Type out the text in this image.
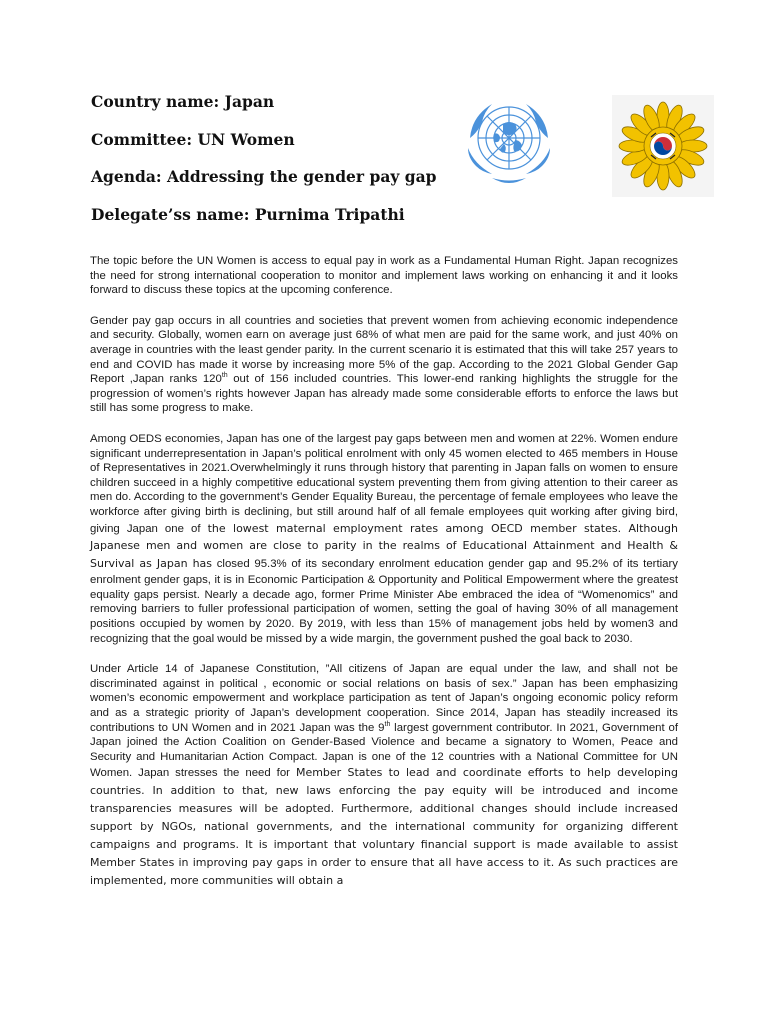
Country name: Japan
Committee: UN Women
Agenda: Addressing the gender pay gap
Delegate’ss name: Purnima Tripathi

The topic before the UN Women is access to equal pay in work as a Fundamental Human Right. Japan recognizes the need for strong international cooperation to monitor and implement laws working on enhancing it and it looks forward to discuss these topics at the upcoming conference.

Gender pay gap occurs in all countries and societies that prevent women from achieving economic independence and security. Globally, women earn on average just 68% of what men are paid for the same work, and just 40% on average in countries with the least gender parity. In the current scenario it is estimated that this will take 257 years to end and COVID has made it worse by increasing more 5% of the gap. According to the 2021 Global Gender Gap Report ,Japan ranks 120th out of 156 included countries. This lower-end ranking highlights the struggle for the progression of women’s rights however Japan has already made some considerable efforts to enforce the laws but still has some progress to make.

Among OEDS economies, Japan has one of the largest pay gaps between men and women at 22%. Women endure significant underrepresentation in Japan’s political enrolment with only 45 women elected to 465 members in House of Representatives in 2021.Overwhelmingly it runs through history that parenting in Japan falls on women to ensure children succeed in a highly competitive educational system preventing them from giving attention to their career as men do. According to the government’s Gender Equality Bureau, the percentage of female employees who leave the workforce after giving birth is declining, but still around half of all female employees quit working after giving bird, giving Japan one of the lowest maternal employment rates among OECD member states. Although Japanese men and women are close to parity in the realms of Educational Attainment and Health & Survival as Japan has closed 95.3% of its secondary enrolment education gender gap and 95.2% of its tertiary enrolment gender gaps, it is in Economic Participation & Opportunity and Political Empowerment where the greatest equality gaps persist. Nearly a decade ago, former Prime Minister Abe embraced the idea of “Womenomics” and removing barriers to fuller professional participation of women, setting the goal of having 30% of all management positions occupied by women by 2020. By 2019, with less than 15% of management jobs held by women3 and recognizing that the goal would be missed by a wide margin, the government pushed the goal back to 2030.

Under Article 14 of Japanese Constitution, ”All citizens of Japan are equal under the law, and shall not be discriminated against in political , economic or social relations on basis of sex.” Japan has been emphasizing women’s economic empowerment and workplace participation as tent of Japan’s ongoing economic policy reform and as a strategic priority of Japan’s development cooperation. Since 2014, Japan has steadily increased its contributions to UN Women and in 2021 Japan was the 9th largest government contributor. In 2021, Government of Japan joined the Action Coalition on Gender-Based Violence and became a signatory to Women, Peace and Security and Humanitarian Action Compact. Japan is one of the 12 countries with a National Committee for UN Women. Japan stresses the need for Member States to lead and coordinate efforts to help developing countries. In addition to that, new laws enforcing the pay equity will be introduced and income transparencies measures will be adopted. Furthermore, additional changes should include increased support by NGOs, national governments, and the international community for organizing different campaigns and programs. It is important that voluntary financial support is made available to assist Member States in improving pay gaps in order to ensure that all have access to it. As such practices are implemented, more communities will obtain a
